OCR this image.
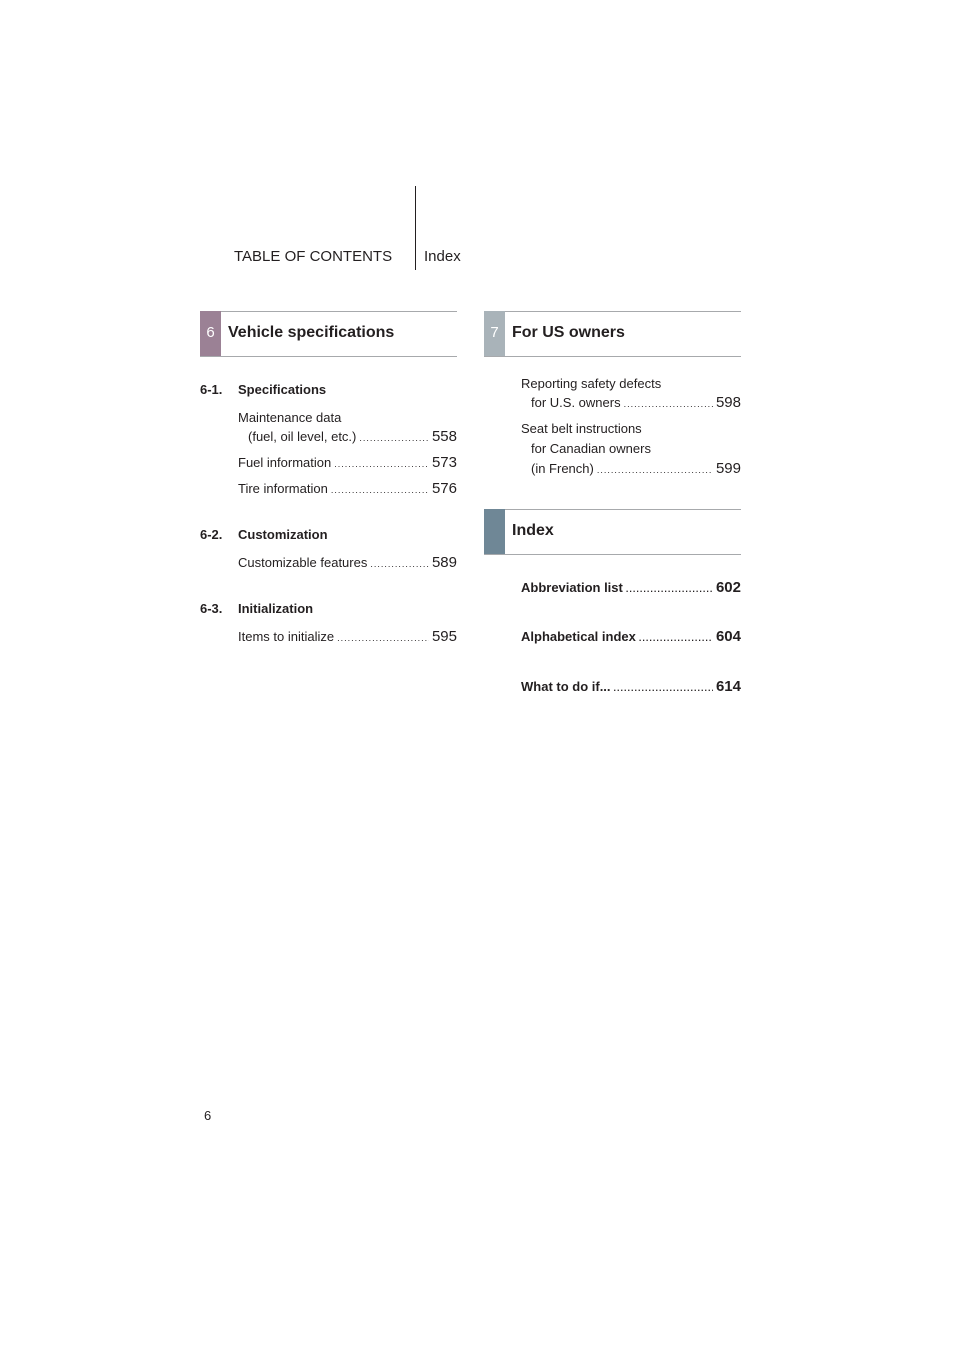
TABLE OF CONTENTS Index
6 Vehicle specifications
6-1. Specifications
Maintenance data
(fuel, oil level, etc.) .....	558
Fuel information .....	573
Tire information .....	576
6-2. Customization
Customizable features .....	589
6-3. Initialization
Items to initialize .....	595
7 For US owners
Reporting safety defects
for U.S. owners .....	598
Seat belt instructions
for Canadian owners
(in French) .....	599
Index
Abbreviation list .....	602
Alphabetical index .....	604
What to do if... .....	614
6
